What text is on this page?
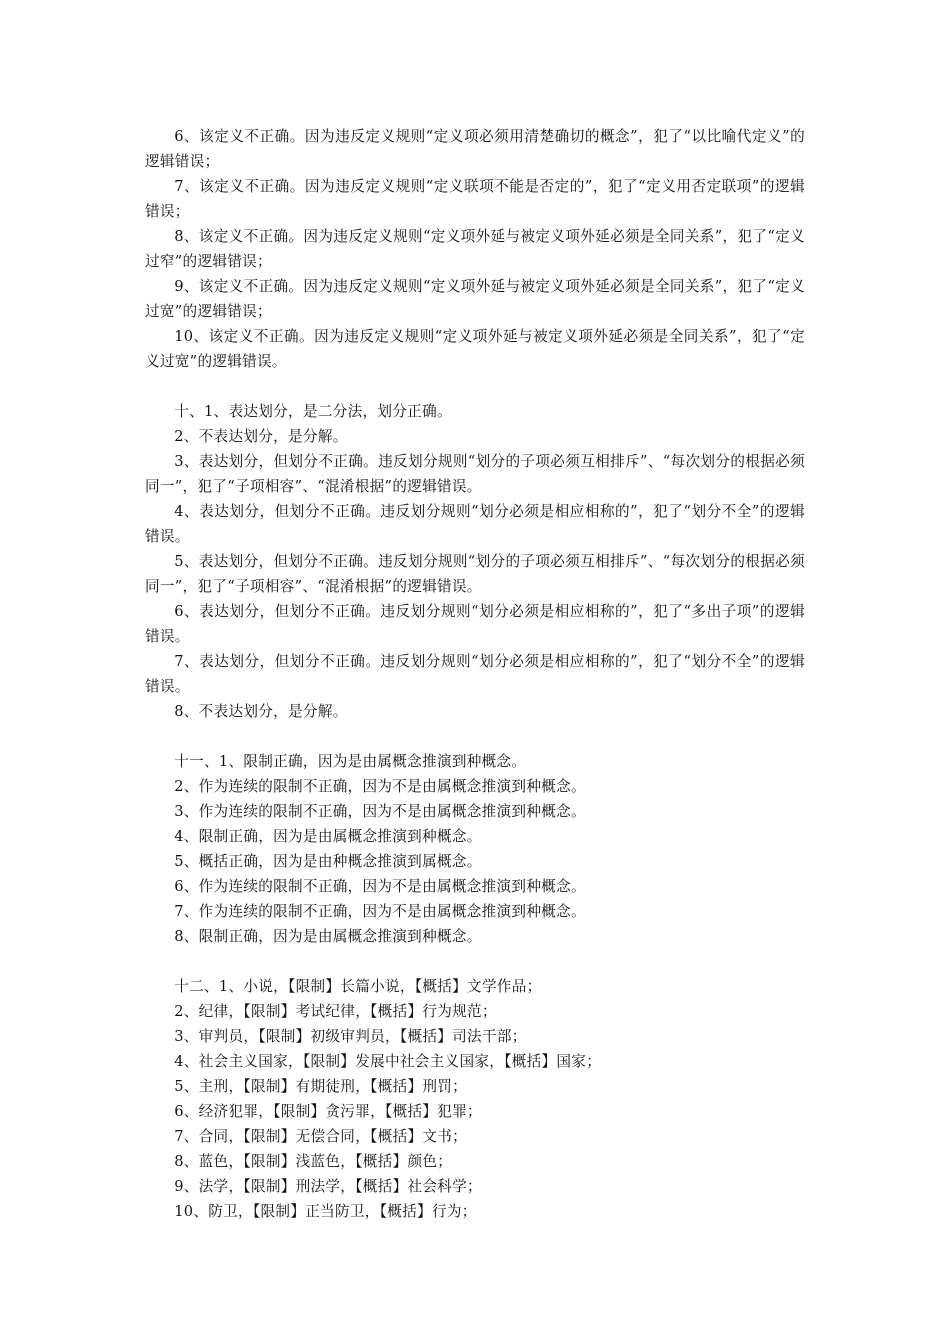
6、该定义不正确。因为违反定义规则“定义项必须用清楚确切的概念”，犯了“以比喻代定义”的逻辑错误；

7、该定义不正确。因为违反定义规则“定义联项不能是否定的”，犯了“定义用否定联项”的逻辑错误；

8、该定义不正确。因为违反定义规则“定义项外延与被定义项外延必须是全同关系”，犯了“定义过窄”的逻辑错误；

9、该定义不正确。因为违反定义规则“定义项外延与被定义项外延必须是全同关系”，犯了“定义过宽”的逻辑错误；

10、该定义不正确。因为违反定义规则“定义项外延与被定义项外延必须是全同关系”，犯了“定义过宽”的逻辑错误。

十、1、表达划分，是二分法，划分正确。

2、不表达划分，是分解。

3、表达划分，但划分不正确。违反划分规则“划分的子项必须互相排斥”、“每次划分的根据必须同一”，犯了“子项相容”、“混淆根据”的逻辑错误。

4、表达划分，但划分不正确。违反划分规则“划分必须是相应相称的”，犯了“划分不全”的逻辑错误。

5、表达划分，但划分不正确。违反划分规则“划分的子项必须互相排斥”、“每次划分的根据必须同一”，犯了“子项相容”、“混淆根据”的逻辑错误。

6、表达划分，但划分不正确。违反划分规则“划分必须是相应相称的”，犯了“多出子项”的逻辑错误。

7、表达划分，但划分不正确。违反划分规则“划分必须是相应相称的”，犯了“划分不全”的逻辑错误。

8、不表达划分，是分解。

十一、1、限制正确，因为是由属概念推演到种概念。

2、作为连续的限制不正确，因为不是由属概念推演到种概念。

3、作为连续的限制不正确，因为不是由属概念推演到种概念。

4、限制正确，因为是由属概念推演到种概念。

5、概括正确，因为是由种概念推演到属概念。

6、作为连续的限制不正确，因为不是由属概念推演到种概念。

7、作为连续的限制不正确，因为不是由属概念推演到种概念。

8、限制正确，因为是由属概念推演到种概念。

十二、1、小说，【限制】长篇小说，【概括】文学作品；

2、纪律，【限制】考试纪律，【概括】行为规范；

3、审判员，【限制】初级审判员，【概括】司法干部；

4、社会主义国家，【限制】发展中社会主义国家，【概括】国家；

5、主刑，【限制】有期徒刑，【概括】刑罚；

6、经济犯罪，【限制】贪污罪，【概括】犯罪；

7、合同，【限制】无偿合同，【概括】文书；

8、蓝色，【限制】浅蓝色，【概括】颜色；

9、法学，【限制】刑法学，【概括】社会科学；

10、防卫，【限制】正当防卫，【概括】行为；
